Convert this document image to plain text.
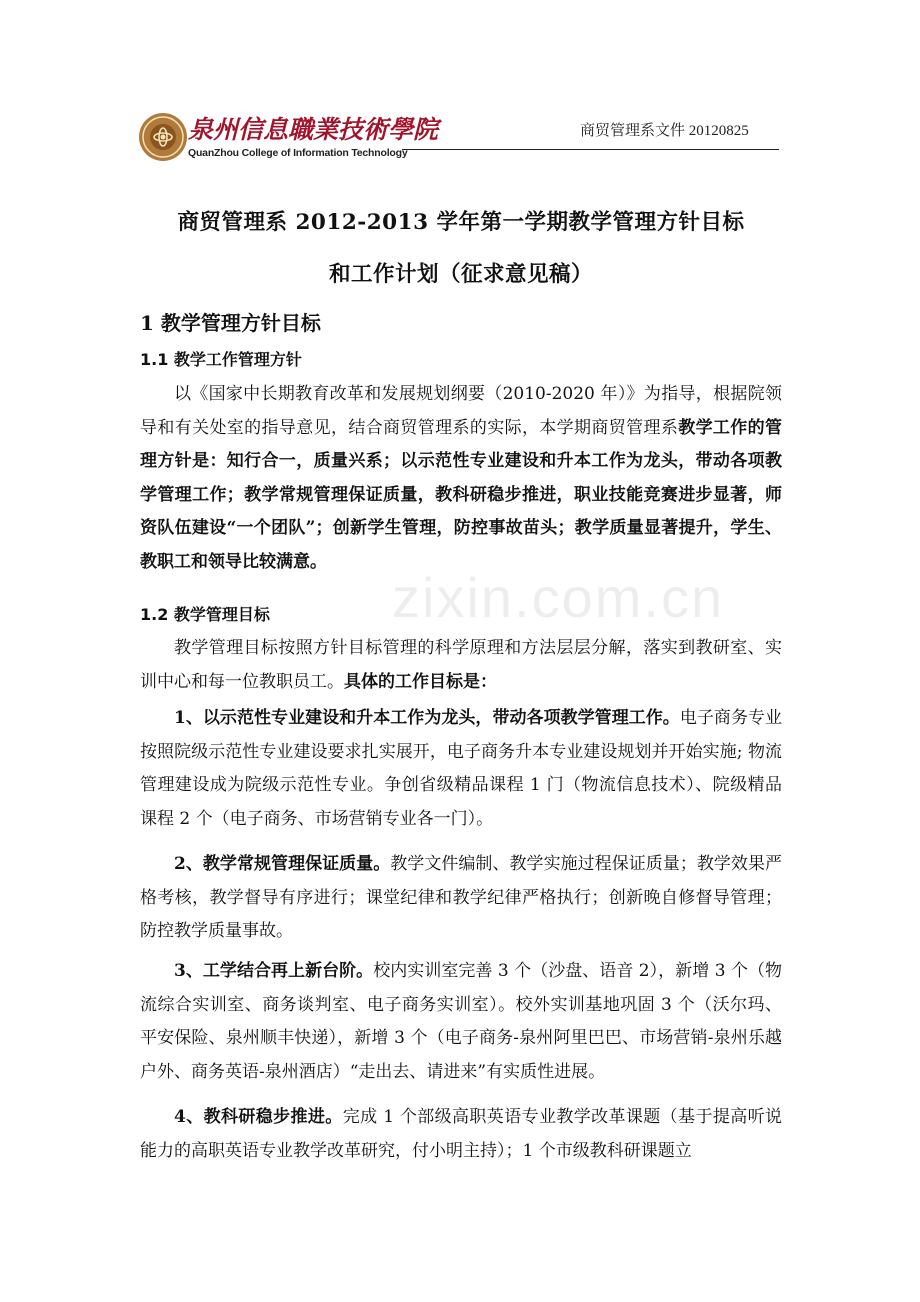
泉州信息職業技術學院
QuanZhou College of Information Technology
商贸管理系文件 20120825
zixin.com.cn
商贸管理系 2012-2013 学年第一学期教学管理方针目标
和工作计划（征求意见稿）
1 教学管理方针目标
1.1 教学工作管理方针
以《国家中长期教育改革和发展规划纲要（2010-2020 年）》为指导，根据院领导和有关处室的指导意见，结合商贸管理系的实际，本学期商贸管理系教学工作的管理方针是：知行合一，质量兴系；以示范性专业建设和升本工作为龙头，带动各项教学管理工作；教学常规管理保证质量，教科研稳步推进，职业技能竞赛进步显著，师资队伍建设“一个团队”；创新学生管理，防控事故苗头；教学质量显著提升，学生、教职工和领导比较满意。
1.2 教学管理目标
教学管理目标按照方针目标管理的科学原理和方法层层分解，落实到教研室、实训中心和每一位教职员工。具体的工作目标是：
1、以示范性专业建设和升本工作为龙头，带动各项教学管理工作。电子商务专业按照院级示范性专业建设要求扎实展开，电子商务升本专业建设规划并开始实施; 物流管理建设成为院级示范性专业。争创省级精品课程 1 门（物流信息技术）、院级精品课程 2 个（电子商务、市场营销专业各一门）。
2、教学常规管理保证质量。教学文件编制、教学实施过程保证质量；教学效果严格考核，教学督导有序进行；课堂纪律和教学纪律严格执行；创新晚自修督导管理；防控教学质量事故。
3、工学结合再上新台阶。校内实训室完善 3 个（沙盘、语音 2），新增 3 个（物流综合实训室、商务谈判室、电子商务实训室）。校外实训基地巩固 3 个（沃尔玛、平安保险、泉州顺丰快递），新增 3 个（电子商务-泉州阿里巴巴、市场营销-泉州乐越户外、商务英语-泉州酒店）“走出去、请进来”有实质性进展。
4、教科研稳步推进。完成 1 个部级高职英语专业教学改革课题（基于提高听说能力的高职英语专业教学改革研究，付小明主持）；1 个市级教科研课题立
